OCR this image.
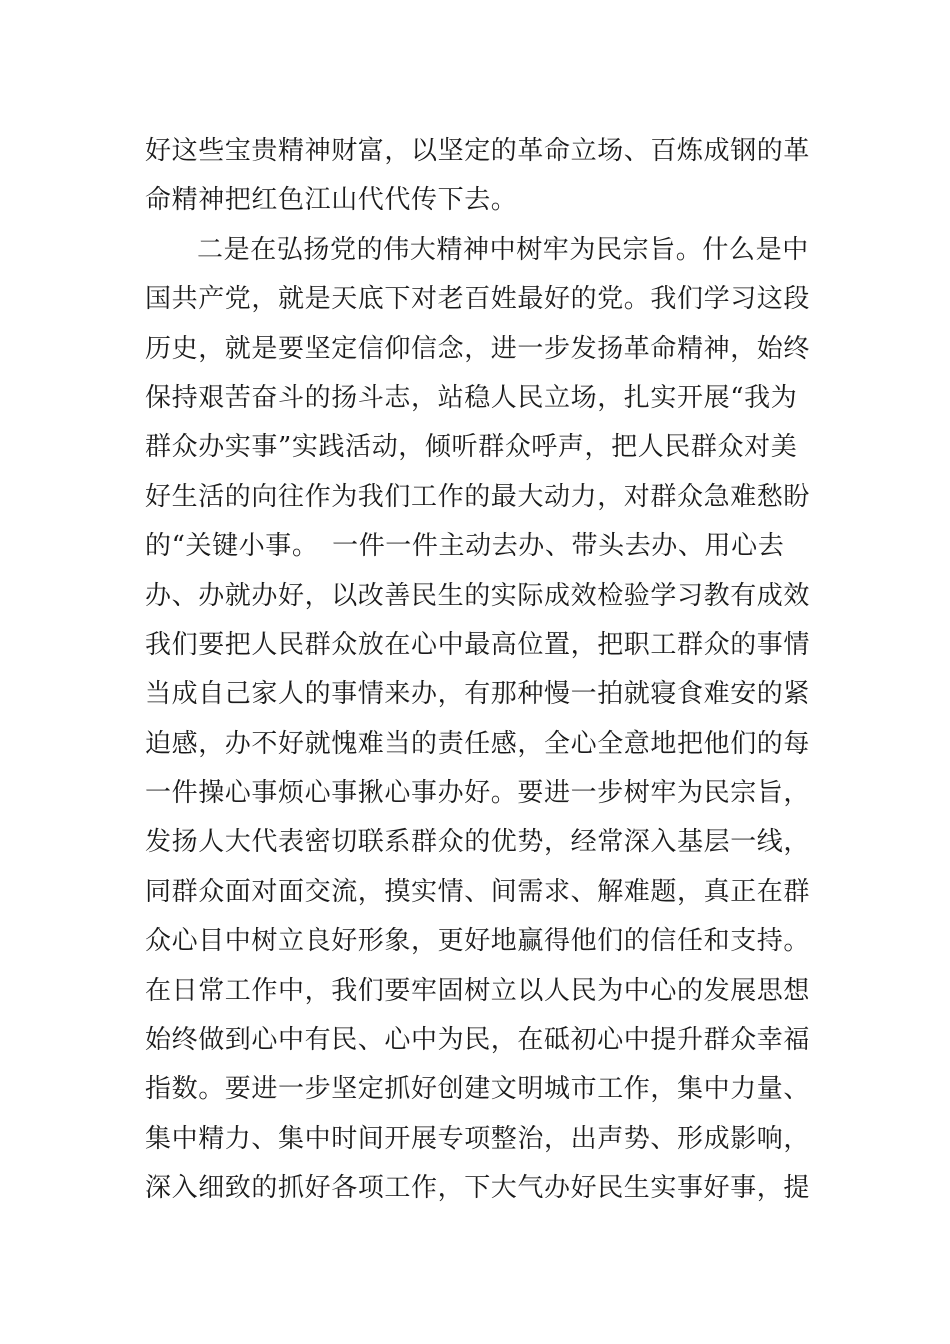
好这些宝贵精神财富，以坚定的革命立场、百炼成钢的革
命精神把红色江山代代传下去。
二是在弘扬党的伟大精神中树牢为民宗旨。什么是中
国共产党，就是天底下对老百姓最好的党。我们学习这段
历史，就是要坚定信仰信念，进一步发扬革命精神，始终
保持艰苦奋斗的扬斗志，站稳人民立场，扎实开展“我为
群众办实事”实践活动，倾听群众呼声，把人民群众对美
好生活的向往作为我们工作的最大动力，对群众急难愁盼
的“关键小事。　一件一件主动去办、带头去办、用心去
办、办就办好，以改善民生的实际成效检验学习教有成效
我们要把人民群众放在心中最高位置，把职工群众的事情
当成自己家人的事情来办，有那种慢一拍就寝食难安的紧
迫感，办不好就愧难当的责任感，全心全意地把他们的每
一件操心事烦心事揪心事办好。要进一步树牢为民宗旨，
发扬人大代表密切联系群众的优势，经常深入基层一线，
同群众面对面交流，摸实情、间需求、解难题，真正在群
众心目中树立良好形象，更好地赢得他们的信任和支持。
在日常工作中，我们要牢固树立以人民为中心的发展思想
始终做到心中有民、心中为民，在砥初心中提升群众幸福
指数。要进一步坚定抓好创建文明城市工作，集中力量、
集中精力、集中时间开展专项整治，出声势、形成影响，
深入细致的抓好各项工作，下大气办好民生实事好事，提
